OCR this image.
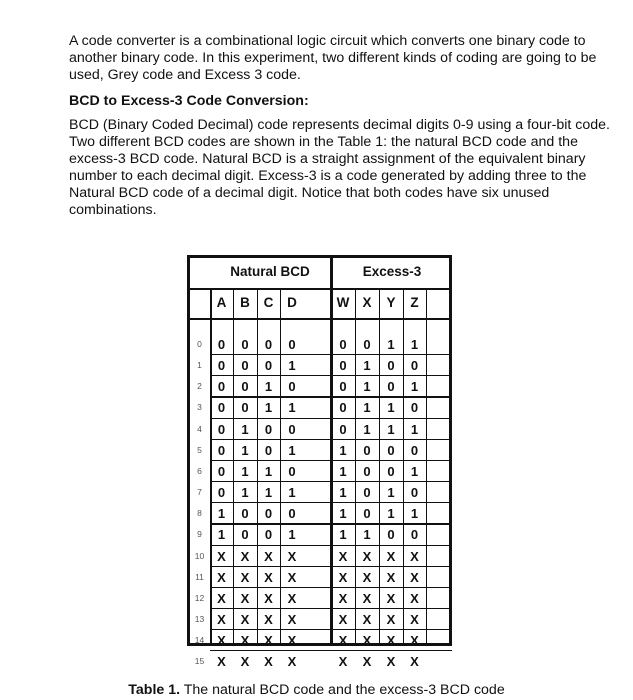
A code converter is a combinational logic circuit which converts one binary code to another binary code. In this experiment, two different kinds of coding are going to be used, Grey code and Excess 3 code.

BCD to Excess-3 Code Conversion:

BCD (Binary Coded Decimal) code represents decimal digits 0-9 using a four-bit code. Two different BCD codes are shown in the Table 1: the natural BCD code and the excess-3 BCD code. Natural BCD is a straight assignment of the equivalent binary number to each decimal digit. Excess-3 is a code generated by adding three to the Natural BCD code of a decimal digit. Notice that both codes have six unused combinations.

Natural BCD	Excess-3
A	B	C	D	W X	Y	Z
0	0	0	0	0	0	0	1	1
1	0	0	0	1	0	1	0	0
2	0	0	1	0	0	1	0	1
3	0	0	1	1	0	1	1	0
4	0	1	0	0	0	1	1	1
5	0	1	0	1	1	0	0	0
6	0	1	1	0	1	0	0	1
7	0	1	1	1	1	0	1	0
8	1	0	0	0	1	0	1	1
9	1	0	0	1	1	1	0	0
10 X	X	X	X	X	X	X	X
11	X	X	X	X	X	X	X	X
12 X	X	X	X	X	X	X	X
13 X	X	X	X	X	X	X	X
14 X	X	X	X	X	X	X	X
15 X	X	X	X	X	X	X	X

Table 1. The natural BCD code and the excess-3 BCD code
